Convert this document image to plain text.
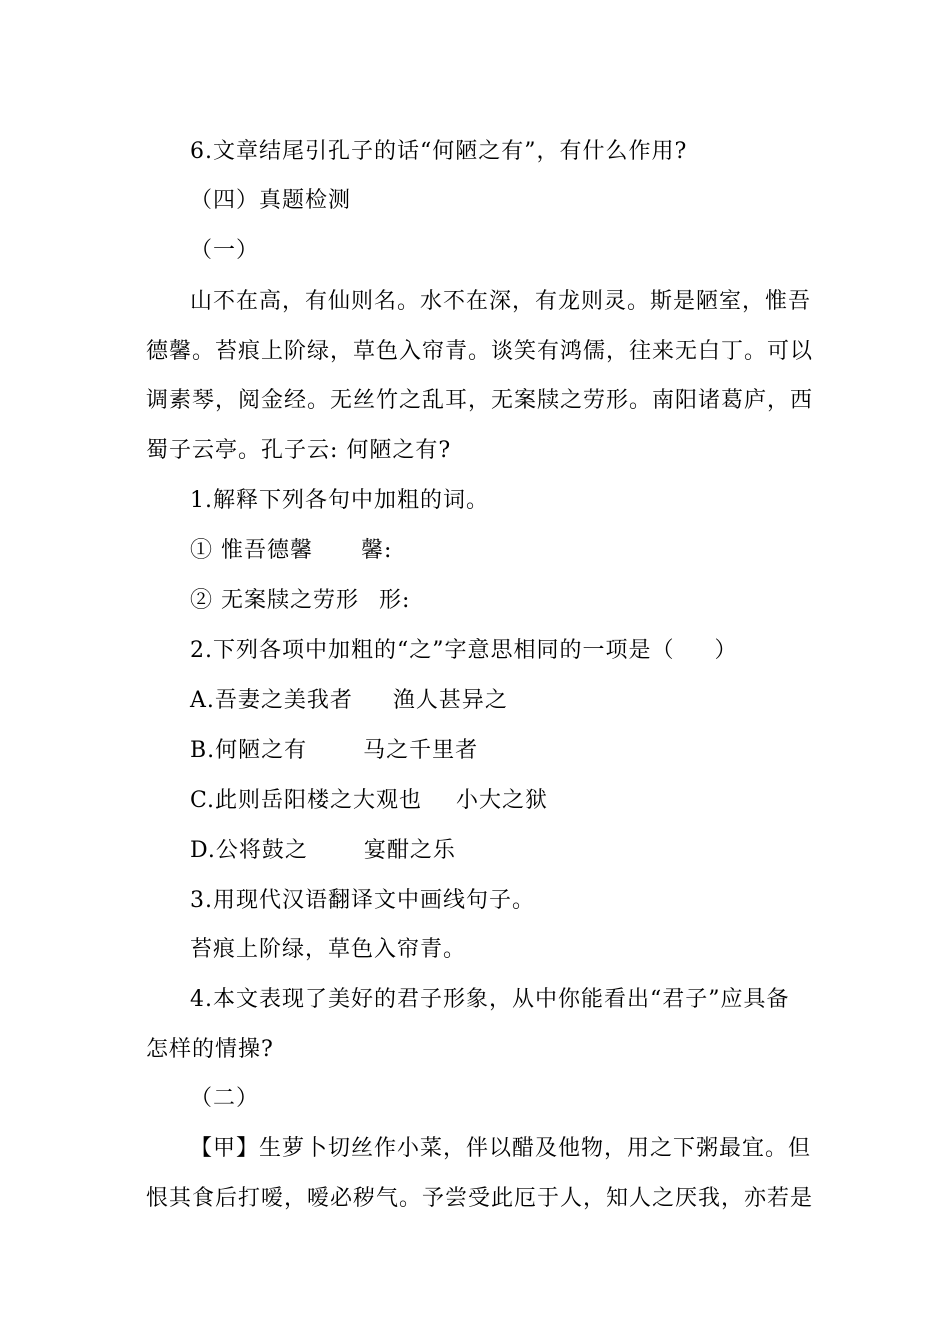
6.文章结尾引孔子的话“何陋之有”，有什么作用?
（四）真题检测
（一）
山不在高，有仙则名。水不在深，有龙则灵。斯是陋室，惟吾
德馨。苔痕上阶绿，草色入帘青。谈笑有鸿儒，往来无白丁。可以
调素琴，阅金经。无丝竹之乱耳，无案牍之劳形。南阳诸葛庐，西
蜀子云亭。孔子云: 何陋之有?
1.解释下列各句中加粗的词。
① 惟吾德馨 馨:
② 无案牍之劳形 形:
2.下列各项中加粗的“之”字意思相同的一项是（ ）
A.吾妻之美我者 渔人甚异之
B.何陋之有	马之千里者
C.此则岳阳楼之大观也 小大之狱
D.公将鼓之	宴酣之乐
3.用现代汉语翻译文中画线句子。
苔痕上阶绿，草色入帘青。
4.本文表现了美好的君子形象，从中你能看出“君子”应具备
怎样的情操?
（二）
【甲】生萝卜切丝作小菜，伴以醋及他物，用之下粥最宜。但
恨其食后打嗳，嗳必秽气。予尝受此厄于人，知人之厌我，亦若是
